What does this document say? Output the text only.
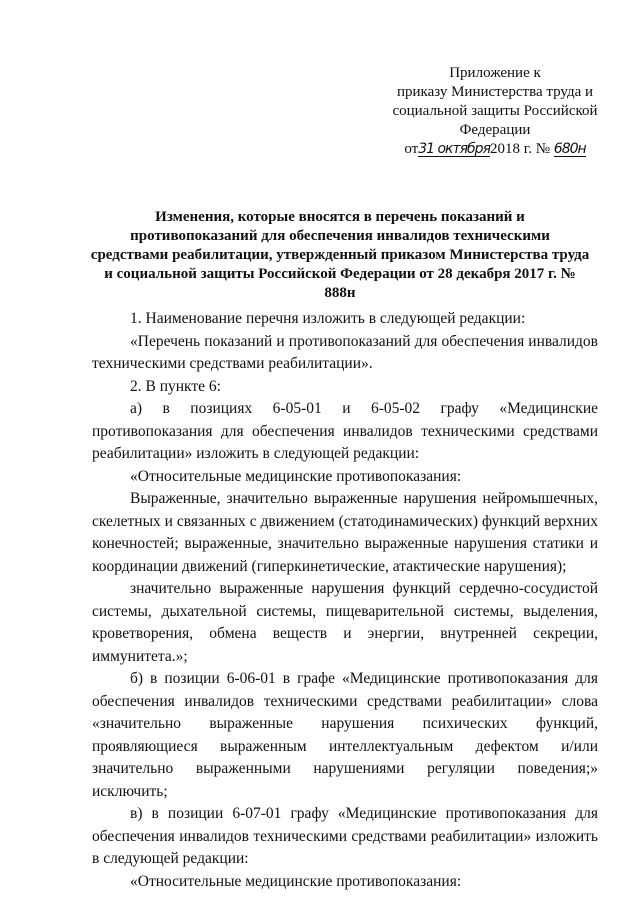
Приложение к
приказу Министерства труда и
социальной защиты Российской
Федерации
от31 октября2018 г. № 680н
Изменения, которые вносятся в перечень показаний и противопоказаний для обеспечения инвалидов техническими средствами реабилитации, утвержденный приказом Министерства труда и социальной защиты Российской Федерации от 28 декабря 2017 г. № 888н

1. Наименование перечня изложить в следующей редакции:

«Перечень показаний и противопоказаний для обеспечения инвалидов техническими средствами реабилитации».

2. В пункте 6:

а) в позициях 6-05-01 и 6-05-02 графу «Медицинские противопоказания для обеспечения инвалидов техническими средствами реабилитации» изложить в следующей редакции:

«Относительные медицинские противопоказания:

Выраженные, значительно выраженные нарушения нейромышечных, скелетных и связанных с движением (статодинамических) функций верхних конечностей; выраженные, значительно выраженные нарушения статики и координации движений (гиперкинетические, атактические нарушения);

значительно выраженные нарушения функций сердечно-сосудистой системы, дыхательной системы, пищеварительной системы, выделения, кроветворения, обмена веществ и энергии, внутренней секреции, иммунитета.»;

б) в позиции 6-06-01 в графе «Медицинские противопоказания для обеспечения инвалидов техническими средствами реабилитации» слова «значительно выраженные нарушения психических функций, проявляющиеся выраженным интеллектуальным дефектом и/или значительно выраженными нарушениями регуляции поведения;» исключить;

в) в позиции 6-07-01 графу «Медицинские противопоказания для обеспечения инвалидов техническими средствами реабилитации» изложить в следующей редакции:

«Относительные медицинские противопоказания:
